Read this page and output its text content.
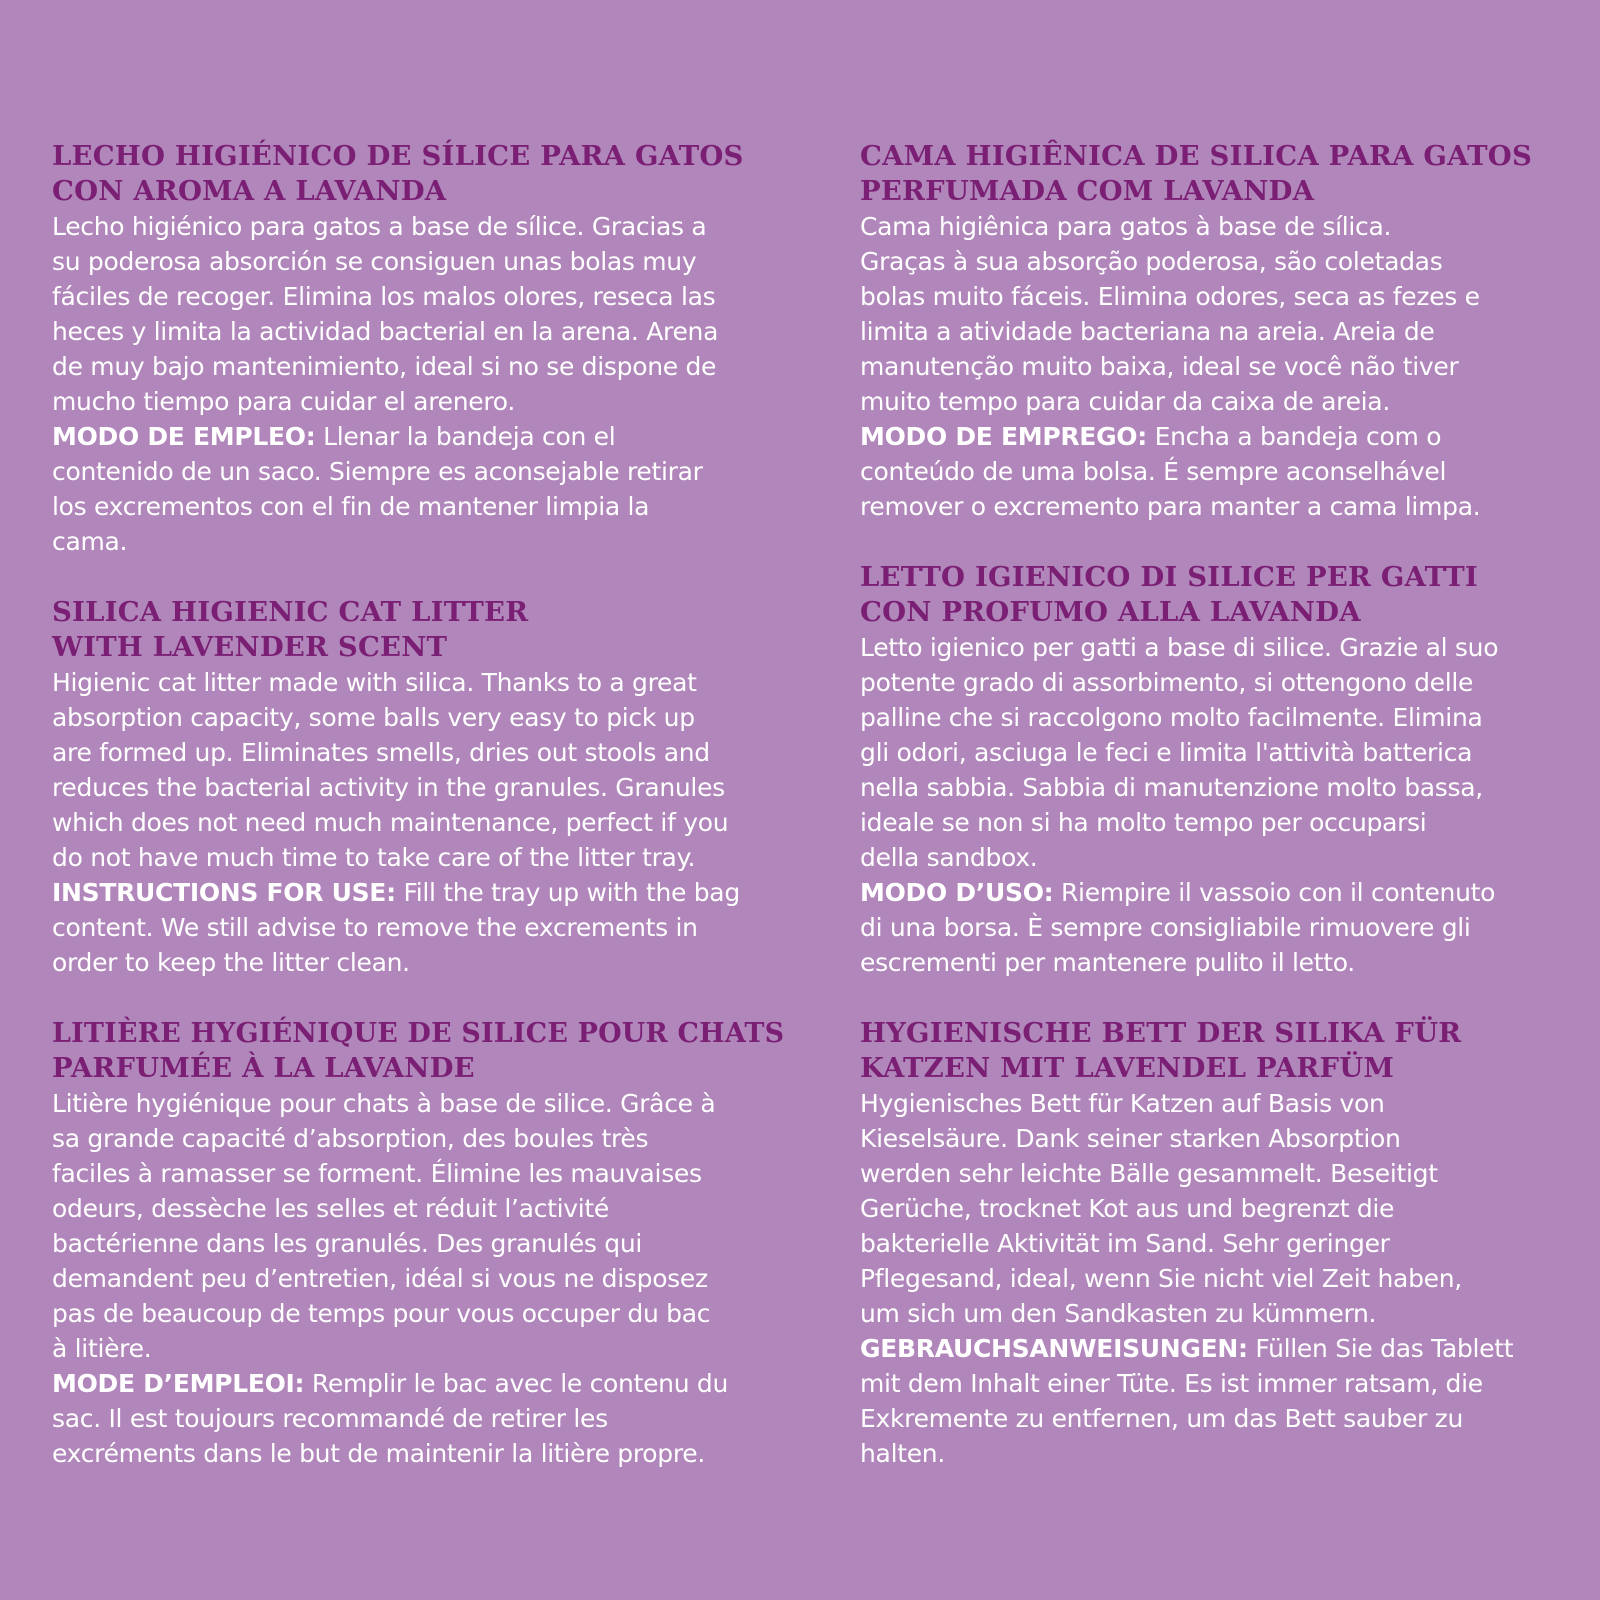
LECHO HIGIÉNICO DE SÍLICE PARA GATOS
CON AROMA A LAVANDA

Lecho higiénico para gatos a base de sílice. Gracias a
su poderosa absorción se consiguen unas bolas muy
fáciles de recoger. Elimina los malos olores, reseca las
heces y limita la actividad bacterial en la arena. Arena
de muy bajo mantenimiento, ideal si no se dispone de
mucho tiempo para cuidar el arenero.
MODO DE EMPLEO: Llenar la bandeja con el
contenido de un saco. Siempre es aconsejable retirar
los excrementos con el fin de mantener limpia la
cama.

SILICA HIGIENIC CAT LITTER
WITH LAVENDER SCENT

Higienic cat litter made with silica. Thanks to a great
absorption capacity, some balls very easy to pick up
are formed up. Eliminates smells, dries out stools and
reduces the bacterial activity in the granules. Granules
which does not need much maintenance, perfect if you
do not have much time to take care of the litter tray.
INSTRUCTIONS FOR USE: Fill the tray up with the bag
content. We still advise to remove the excrements in
order to keep the litter clean.

LITIÈRE HYGIÉNIQUE DE SILICE POUR CHATS
PARFUMÉE À LA LAVANDE

Litière hygiénique pour chats à base de silice. Grâce à
sa grande capacité d’absorption, des boules très
faciles à ramasser se forment. Élimine les mauvaises
odeurs, dessèche les selles et réduit l’activité
bactérienne dans les granulés. Des granulés qui
demandent peu d’entretien, idéal si vous ne disposez
pas de beaucoup de temps pour vous occuper du bac
à litière.
MODE D’EMPLEOI: Remplir le bac avec le contenu du
sac. Il est toujours recommandé de retirer les
excréments dans le but de maintenir la litière propre.

CAMA HIGIÊNICA DE SILICA PARA GATOS
PERFUMADA COM LAVANDA

Cama higiênica para gatos à base de sílica.
Graças à sua absorção poderosa, são coletadas
bolas muito fáceis. Elimina odores, seca as fezes e
limita a atividade bacteriana na areia. Areia de
manutenção muito baixa, ideal se você não tiver
muito tempo para cuidar da caixa de areia.
MODO DE EMPREGO: Encha a bandeja com o
conteúdo de uma bolsa. É sempre aconselhável
remover o excremento para manter a cama limpa.

LETTO IGIENICO DI SILICE PER GATTI
CON PROFUMO ALLA LAVANDA

Letto igienico per gatti a base di silice. Grazie al suo
potente grado di assorbimento, si ottengono delle
palline che si raccolgono molto facilmente. Elimina
gli odori, asciuga le feci e limita l'attività batterica
nella sabbia. Sabbia di manutenzione molto bassa,
ideale se non si ha molto tempo per occuparsi
della sandbox.
MODO D’USO: Riempire il vassoio con il contenuto
di una borsa. È sempre consigliabile rimuovere gli
escrementi per mantenere pulito il letto.

HYGIENISCHE BETT DER SILIKA FÜR
KATZEN MIT LAVENDEL PARFÜM

Hygienisches Bett für Katzen auf Basis von
Kieselsäure. Dank seiner starken Absorption
werden sehr leichte Bälle gesammelt. Beseitigt
Gerüche, trocknet Kot aus und begrenzt die
bakterielle Aktivität im Sand. Sehr geringer
Pflegesand, ideal, wenn Sie nicht viel Zeit haben,
um sich um den Sandkasten zu kümmern.
GEBRAUCHSANWEISUNGEN: Füllen Sie das Tablett
mit dem Inhalt einer Tüte. Es ist immer ratsam, die
Exkremente zu entfernen, um das Bett sauber zu
halten.
